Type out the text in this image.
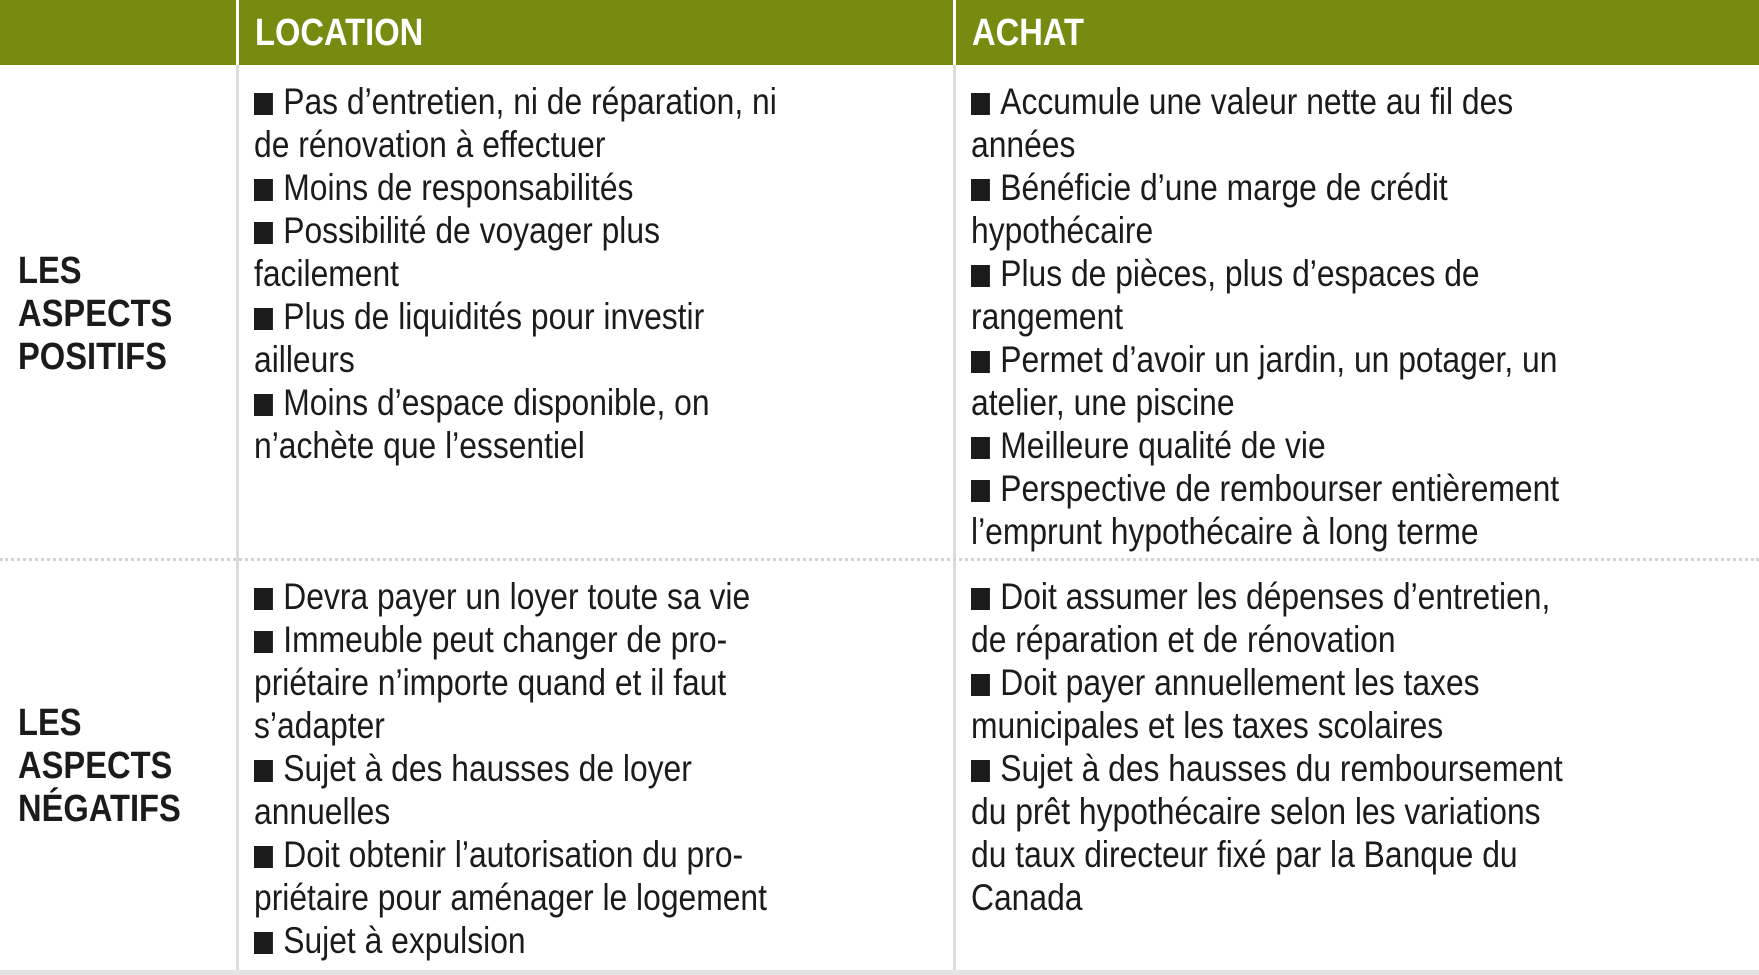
LOCATION	ACHAT
LES
ASPECTS
POSITIFS
LES
ASPECTS
NÉGATIFS
Pas d’entretien, ni de réparation, ni
de rénovation à effectuer
Moins de responsabilités
Possibilité de voyager plus
facilement
Plus de liquidités pour investir
ailleurs
Moins d’espace disponible, on
n’achète que l’essentiel
Accumule une valeur nette au fil des
années
Bénéficie d’une marge de crédit
hypothécaire
Plus de pièces, plus d’espaces de
rangement
Permet d’avoir un jardin, un potager, un
atelier, une piscine
Meilleure qualité de vie
Perspective de rembourser entièrement
l’emprunt hypothécaire à long terme
Devra payer un loyer toute sa vie
Immeuble peut changer de pro-
priétaire n’importe quand et il faut
s’adapter
Sujet à des hausses de loyer
annuelles
Doit obtenir l’autorisation du pro-
priétaire pour aménager le logement
Sujet à expulsion
Doit assumer les dépenses d’entretien,
de réparation et de rénovation
Doit payer annuellement les taxes
municipales et les taxes scolaires
Sujet à des hausses du remboursement
du prêt hypothécaire selon les variations
du taux directeur fixé par la Banque du
Canada
